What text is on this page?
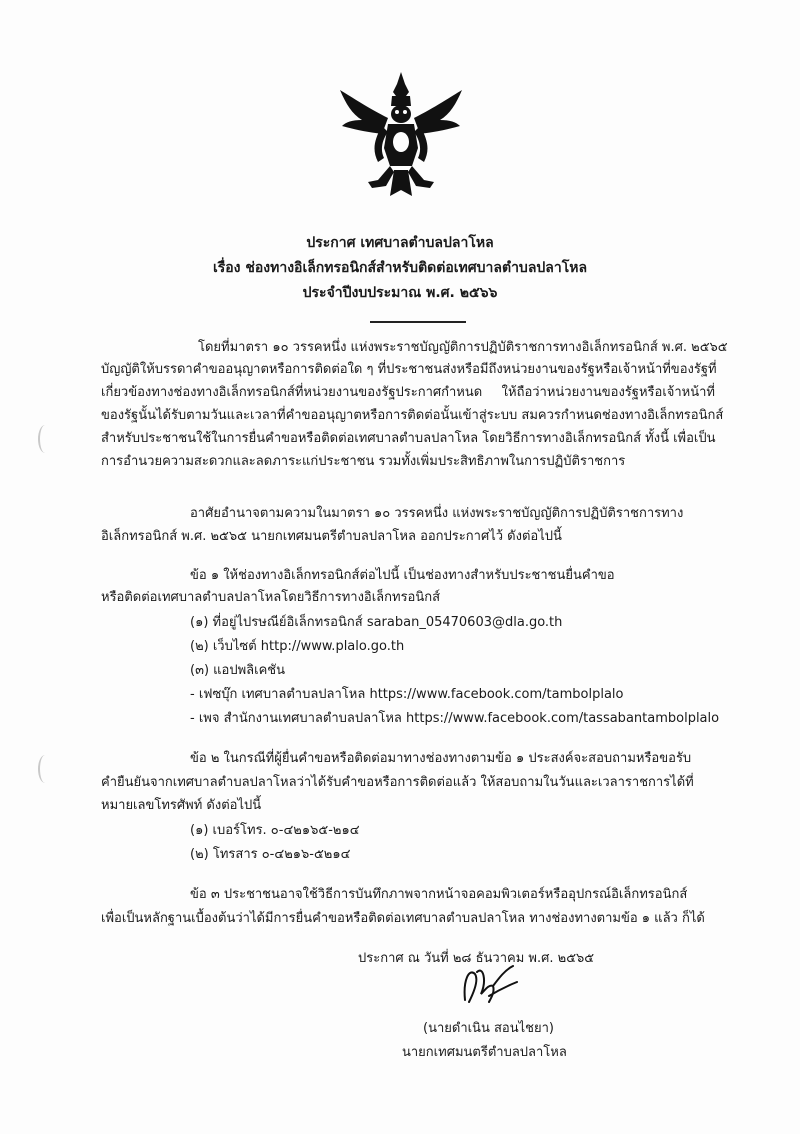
ประกาศ เทศบาลตำบลปลาโหล
เรื่อง ช่องทางอิเล็กทรอนิกส์สำหรับติดต่อเทศบาลตำบลปลาโหล
ประจำปีงบประมาณ พ.ศ. ๒๕๖๖
โดยที่มาตรา ๑๐ วรรคหนึ่ง แห่งพระราชบัญญัติการปฏิบัติราชการทางอิเล็กทรอนิกส์ พ.ศ. ๒๕๖๕
บัญญัติให้บรรดาคำขออนุญาตหรือการติดต่อใด ๆ ที่ประชาชนส่งหรือมีถึงหน่วยงานของรัฐหรือเจ้าหน้าที่ของรัฐที่
เกี่ยวข้องทางช่องทางอิเล็กทรอนิกส์ที่หน่วยงานของรัฐประกาศกำหนด ให้ถือว่าหน่วยงานของรัฐหรือเจ้าหน้าที่
ของรัฐนั้นได้รับตามวันและเวลาที่คำขออนุญาตหรือการติดต่อนั้นเข้าสู่ระบบ สมควรกำหนดช่องทางอิเล็กทรอนิกส์
สำหรับประชาชนใช้ในการยื่นคำขอหรือติดต่อเทศบาลตำบลปลาโหล โดยวิธีการทางอิเล็กทรอนิกส์ ทั้งนี้ เพื่อเป็น
การอำนวยความสะดวกและลดภาระแก่ประชาชน รวมทั้งเพิ่มประสิทธิภาพในการปฏิบัติราชการ
อาศัยอำนาจตามความในมาตรา ๑๐ วรรคหนึ่ง แห่งพระราชบัญญัติการปฏิบัติราชการทาง
อิเล็กทรอนิกส์ พ.ศ. ๒๕๖๕ นายกเทศมนตรีตำบลปลาโหล ออกประกาศไว้ ดังต่อไปนี้
ข้อ ๑ ให้ช่องทางอิเล็กทรอนิกส์ต่อไปนี้ เป็นช่องทางสำหรับประชาชนยื่นคำขอ
หรือติดต่อเทศบาลตำบลปลาโหลโดยวิธีการทางอิเล็กทรอนิกส์
(๑) ที่อยู่ไปรษณีย์อิเล็กทรอนิกส์ saraban_05470603@dla.go.th
(๒) เว็บไซต์ http://www.plalo.go.th
(๓) แอปพลิเคชัน
- เฟซบุ๊ก เทศบาลตำบลปลาโหล https://www.facebook.com/tambolplalo
- เพจ สำนักงานเทศบาลตำบลปลาโหล https://www.facebook.com/tassabantambolplalo
ข้อ ๒ ในกรณีที่ผู้ยื่นคำขอหรือติดต่อมาทางช่องทางตามข้อ ๑ ประสงค์จะสอบถามหรือขอรับ
คำยืนยันจากเทศบาลตำบลปลาโหลว่าได้รับคำขอหรือการติดต่อแล้ว ให้สอบถามในวันและเวลาราชการได้ที่
หมายเลขโทรศัพท์ ดังต่อไปนี้
(๑) เบอร์โทร. ๐-๔๒๑๖๕-๒๑๔
(๒) โทรสาร ๐-๔๒๑๖-๕๒๑๔
ข้อ ๓ ประชาชนอาจใช้วิธีการบันทึกภาพจากหน้าจอคอมพิวเตอร์หรืออุปกรณ์อิเล็กทรอนิกส์
เพื่อเป็นหลักฐานเบื้องต้นว่าได้มีการยื่นคำขอหรือติดต่อเทศบาลตำบลปลาโหล ทางช่องทางตามข้อ ๑ แล้ว ก็ได้
ประกาศ ณ วันที่ ๒๘ ธันวาคม พ.ศ. ๒๕๖๕
(นายดำเนิน สอนไชยา)
นายกเทศมนตรีตำบลปลาโหล
